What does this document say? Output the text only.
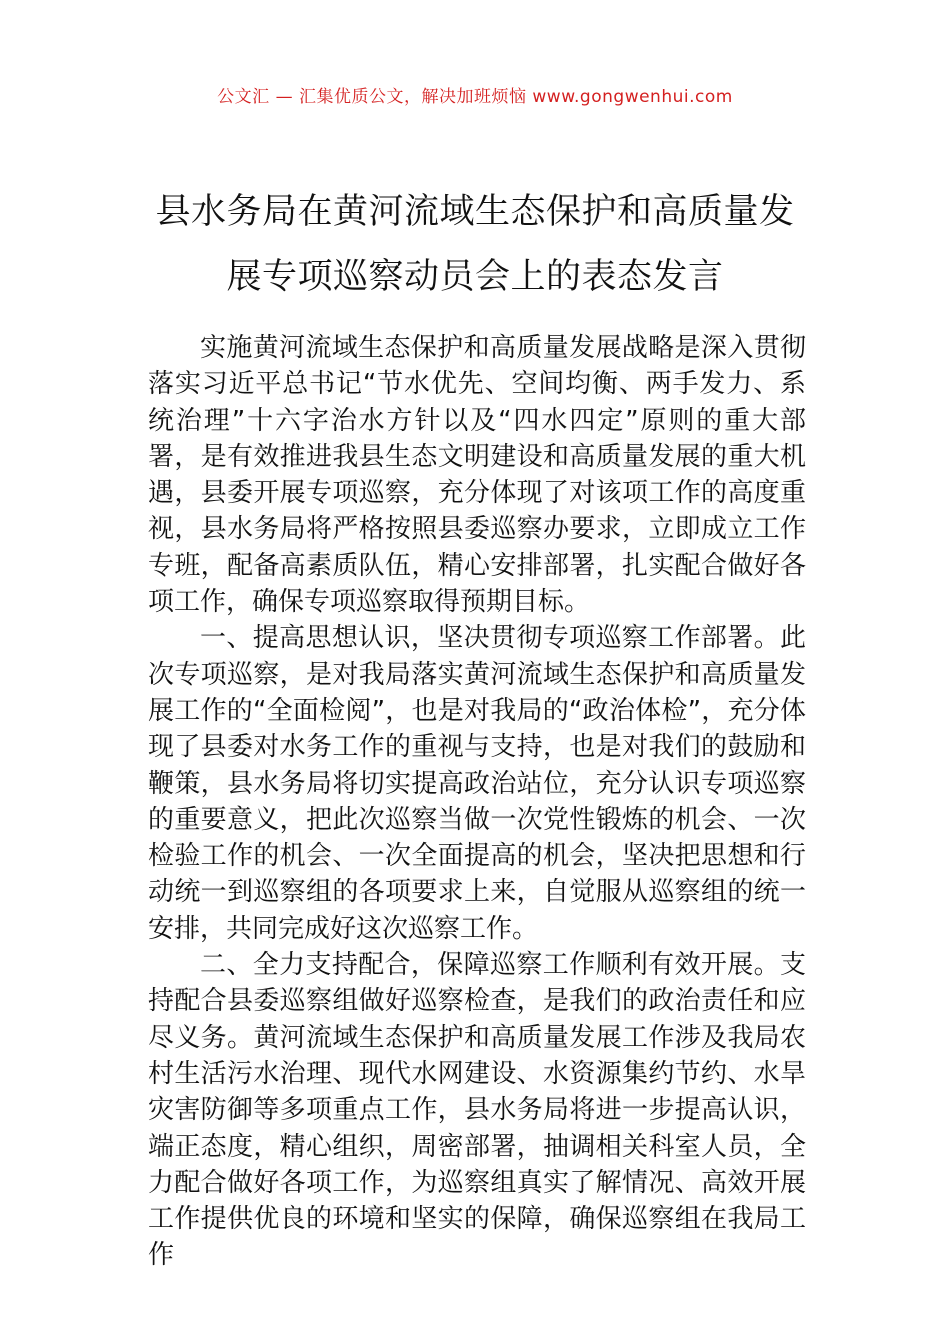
公文汇 — 汇集优质公文，解决加班烦恼 www.gongwenhui.com
县水务局在黄河流域生态保护和高质量发展专项巡察动员会上的表态发言

实施黄河流域生态保护和高质量发展战略是深入贯彻落实习近平总书记“节水优先、空间均衡、两手发力、系统治理”十六字治水方针以及“四水四定”原则的重大部署，是有效推进我县生态文明建设和高质量发展的重大机遇，县委开展专项巡察，充分体现了对该项工作的高度重视，县水务局将严格按照县委巡察办要求，立即成立工作专班，配备高素质队伍，精心安排部署，扎实配合做好各项工作，确保专项巡察取得预期目标。

一、提高思想认识，坚决贯彻专项巡察工作部署。此次专项巡察，是对我局落实黄河流域生态保护和高质量发展工作的“全面检阅”，也是对我局的“政治体检”，充分体现了县委对水务工作的重视与支持，也是对我们的鼓励和鞭策，县水务局将切实提高政治站位，充分认识专项巡察的重要意义，把此次巡察当做一次党性锻炼的机会、一次检验工作的机会、一次全面提高的机会，坚决把思想和行动统一到巡察组的各项要求上来，自觉服从巡察组的统一安排，共同完成好这次巡察工作。

二、全力支持配合，保障巡察工作顺利有效开展。支持配合县委巡察组做好巡察检查，是我们的政治责任和应尽义务。黄河流域生态保护和高质量发展工作涉及我局农村生活污水治理、现代水网建设、水资源集约节约、水旱灾害防御等多项重点工作，县水务局将进一步提高认识，端正态度，精心组织，周密部署，抽调相关科室人员，全力配合做好各项工作，为巡察组真实了解情况、高效开展工作提供优良的环境和坚实的保障，确保巡察组在我局工作
